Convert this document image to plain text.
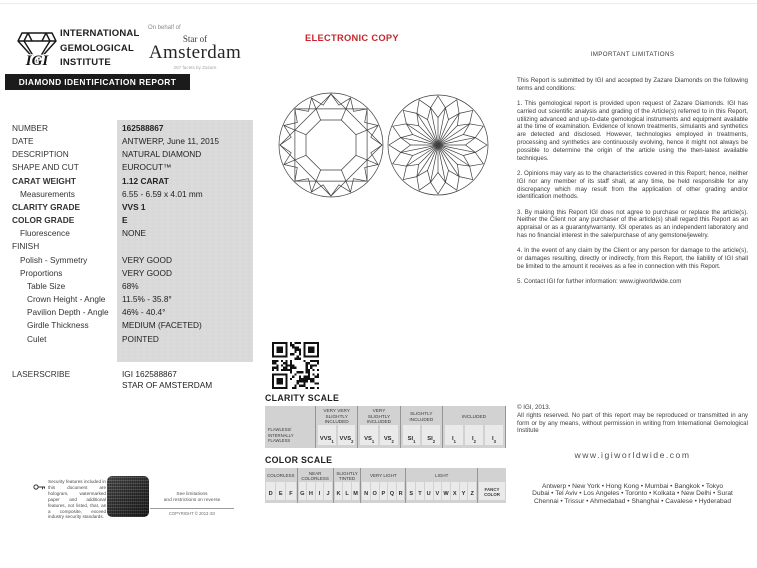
IGI
INTERNATIONAL
GEMOLOGICAL
INSTITUTE
On behalf of
Star of
Amsterdam
257 facets by Zazare
DIAMOND IDENTIFICATION REPORT
ELECTRONIC COPY
NUMBER	162588867
DATE	ANTWERP, June 11, 2015
DESCRIPTION	NATURAL DIAMOND
SHAPE AND CUT	EUROCUT™
CARAT WEIGHT	1.12 CARAT
Measurements	6.55 - 6.59 x 4.01 mm
CLARITY GRADE	VVS 1
COLOR GRADE	E
Fluorescence	NONE
FINISH
Polish - Symmetry	VERY GOOD
Proportions	VERY GOOD
Table Size	68%
Crown Height - Angle	11.5% - 35.8°
Pavilion Depth - Angle	46% - 40.4°
Girdle Thickness	MEDIUM (FACETED)
Culet	POINTED
LASERSCRIBE	IGI 162588867
STAR OF AMSTERDAM
CLARITY SCALE
FLAWLESS/
INTERNALLY
FLAWLESS
VERY VERY SLIGHTLY INCLUDED
VVS 1 VVS 2
VERY SLIGHTLY INCLUDED
VS 1	VS 2
SLIGHTLY INCLUDED
SI 1	SI 2
INCLUDED
I 1	I 2	I 3
COLOR SCALE
COLORLESS
D	E	F
NEAR COLORLESS
G H	I	J
SLIGHTLY TINTED
K L M
VERY LIGHT
N O P Q R
LIGHT
S T U V W X Y Z
FANCY
COLOR
Security features included in this document are hologram, watermarked paper and additional features, not listed, that, as a composite, exceed industry security standards.
See limitations
and restrictions on reverse
COPYRIGHT © 2013 IGI
IMPORTANT LIMITATIONS

This Report is submitted by IGI and accepted by Zazare Diamonds on the following terms and conditions:

1. This gemological report is provided upon request of Zazare Diamonds. IGI has carried out scientific analysis and grading of the Article(s) referred to in this Report, utilizing advanced and up-to-date gemological instruments and equipment available at the time of examination. Evidence of known treatments, simulants and synthetics are detected and disclosed. However, technologies employed in treatments, processing and synthetics are continuously evolving, hence it might not always be possible to determine the origin of the article using the then-latest available techniques.

2. Opinions may vary as to the characteristics covered in this Report; hence, neither IGI nor any member of its staff shall, at any time, be held responsible for any discrepancy which may result from the application of other grading and/or identification methods.

3. By making this Report IGI does not agree to purchase or replace the article(s). Neither the Client nor any purchaser of the article(s) shall regard this Report as an appraisal or as a guaranty/warranty. IGI operates as an independent laboratory and has no financial interest in the sale/purchase of any gemstone/jewelry.

4. In the event of any claim by the Client or any person for damage to the article(s), or damages resulting, directly or indirectly, from this Report, the liability of IGI shall be limited to the amount it receives as a fee in connection with this Report.

5. Contact IGI for further information: www.igiworldwide.com

© IGI, 2013.
All rights reserved. No part of this report may be reproduced or transmitted in any form or by any means, without permission in writing from International Gemological Institute
www.igiworldwide.com
Antwerp • New York • Hong Kong • Mumbai • Bangkok • Tokyo
Dubai • Tel Aviv • Los Angeles • Toronto • Kolkata • New Delhi • Surat
Chennai • Trissur • Ahmedabad • Shanghai • Cavalese • Hyderabad
